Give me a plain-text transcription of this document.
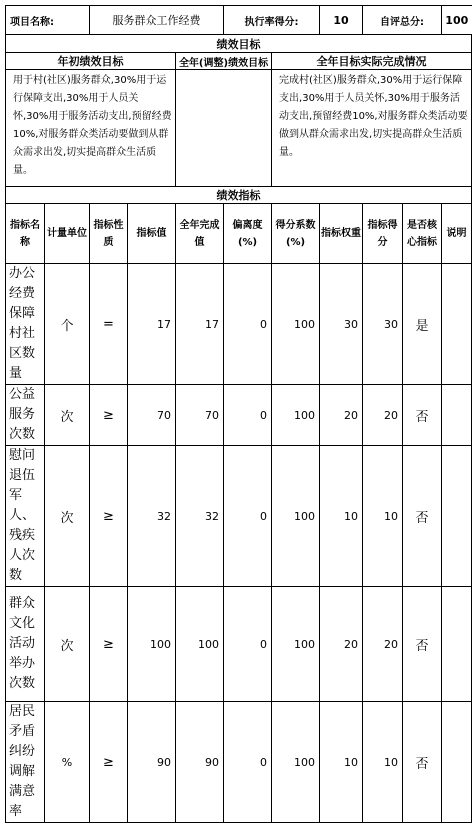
项目名称:		服务群众工作经费			执行率得分:		10	自评总分:		100
绩效目标										
年初绩效目标				全年(调整)绩效目标		全年目标实际完成情况				
用于村(社区)服务群众,30%用于运行保障支出,30%用于人员关怀,30%用于服务活动支出,预留经费10%,对服务群众类活动要做到从群众需求出发,切实提高群众生活质量。						完成村(社区)服务群众,30%用于运行保障支出,30%用于人员关怀,30%用于服务活动支出,预留经费10%,对服务群众类活动要做到从群众需求出发,切实提高群众生活质量。				
绩效指标										
指标名称	计量单位	指标性质	指标值	全年完成值	偏离度(%)	得分系数(%)	指标权重	指标得分	是否核心指标	说明
办公经费保障村社区数量	个	=	17	17	0	100	30	30	是	
公益服务次数	次	≥	70	70	0	100	20	20	否	
慰问退伍军人、残疾人次数	次	≥	32	32	0	100	10	10	否	
群众文化活动举办次数	次	≥	100	100	0	100	20	20	否	
居民矛盾纠纷调解满意率	%	≥	90	90	0	100	10	10	否	
